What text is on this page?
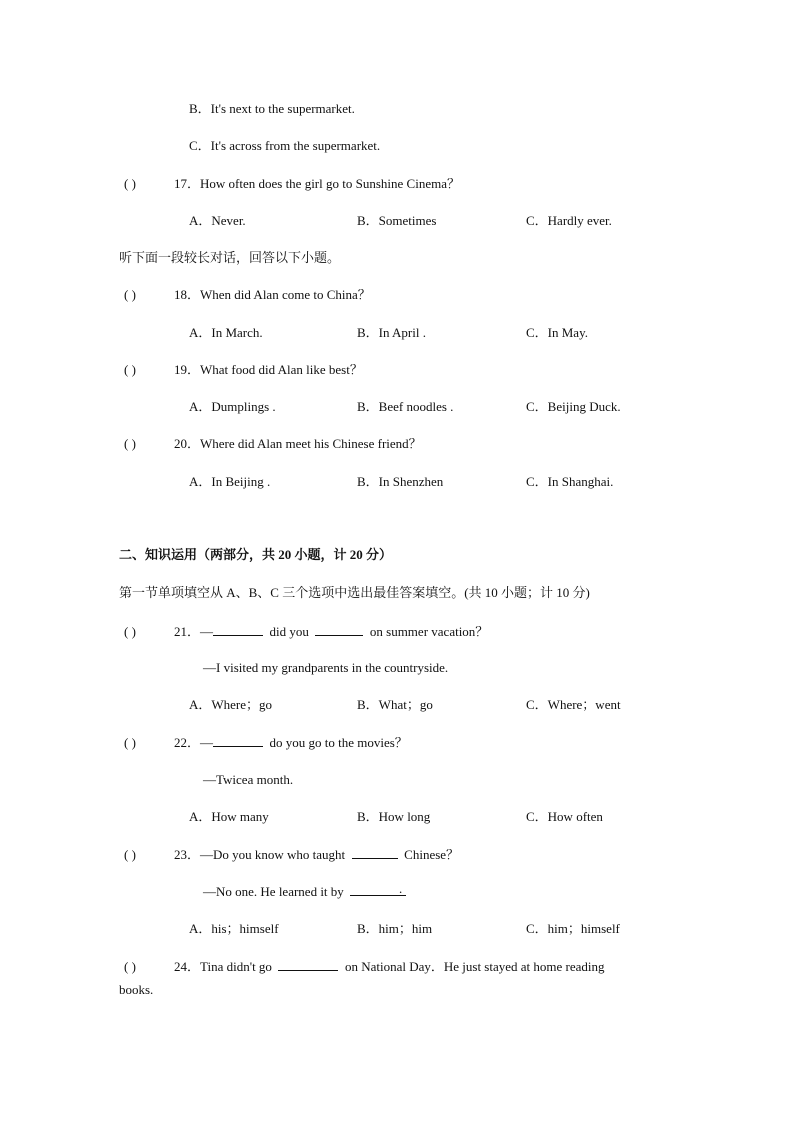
B．It's next to the supermarket.
C．It's across from the supermarket.
( )	17．How often does the girl go to Sunshine Cinema？
A．Never.	B．Sometimes	C．Hardly ever.
听下面一段较长对话，回答以下小题。
( )	18．When did Alan come to China？
A．In March.	B．In April .	C．In May.
( )	19．What food did Alan like best？
A．Dumplings .	B．Beef noodles .	C．Beijing Duck.
( )	20．Where did Alan meet his Chinese friend？
A．In Beijing .	B．In Shenzhen	C．In Shanghai.
二、知识运用（两部分，共 20 小题，计 20 分）
第一节单项填空从 A、B、C 三个选项中选出最佳答案填空。(共 10 小题；计 10 分)
( )	21．—	did you	on summer vacation？
—I visited my grandparents in the countryside.
A．Where；go	B．What；go	C．Where；went
( )	22．—	do you go to the movies？
—Twicea month.
A．How many	B．How long	C．How often
( )	23．—Do you know who taught	Chinese？
—No one. He learned it by	.
A．his；himself	B．him；him	C．him；himself
( )	24．Tina didn't go	on National Day．He just stayed at home reading
books.
